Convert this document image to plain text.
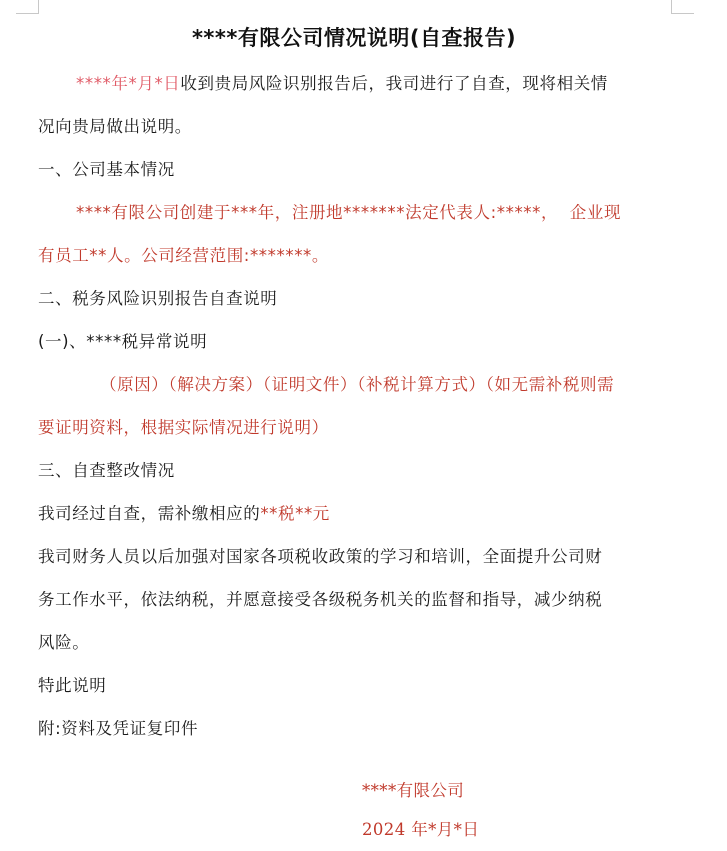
****有限公司情况说明(自查报告)

****年*月*日收到贵局风险识别报告后，我司进行了自查，现将相关情

况向贵局做出说明。

一、公司基本情况

****有限公司创建于***年，注册地*******法定代表人:*****，  企业现

有员工**人。公司经营范围:*******。

二、税务风险识别报告自查说明

(一)、****税异常说明

（原因）（解决方案）（证明文件）（补税计算方式）（如无需补税则需

要证明资料，根据实际情况进行说明）

三、自查整改情况

我司经过自查，需补缴相应的**税**元

我司财务人员以后加强对国家各项税收政策的学习和培训，全面提升公司财

务工作水平，依法纳税，并愿意接受各级税务机关的监督和指导，减少纳税

风险。

特此说明

附:资料及凭证复印件

****有限公司
2024 年*月*日
